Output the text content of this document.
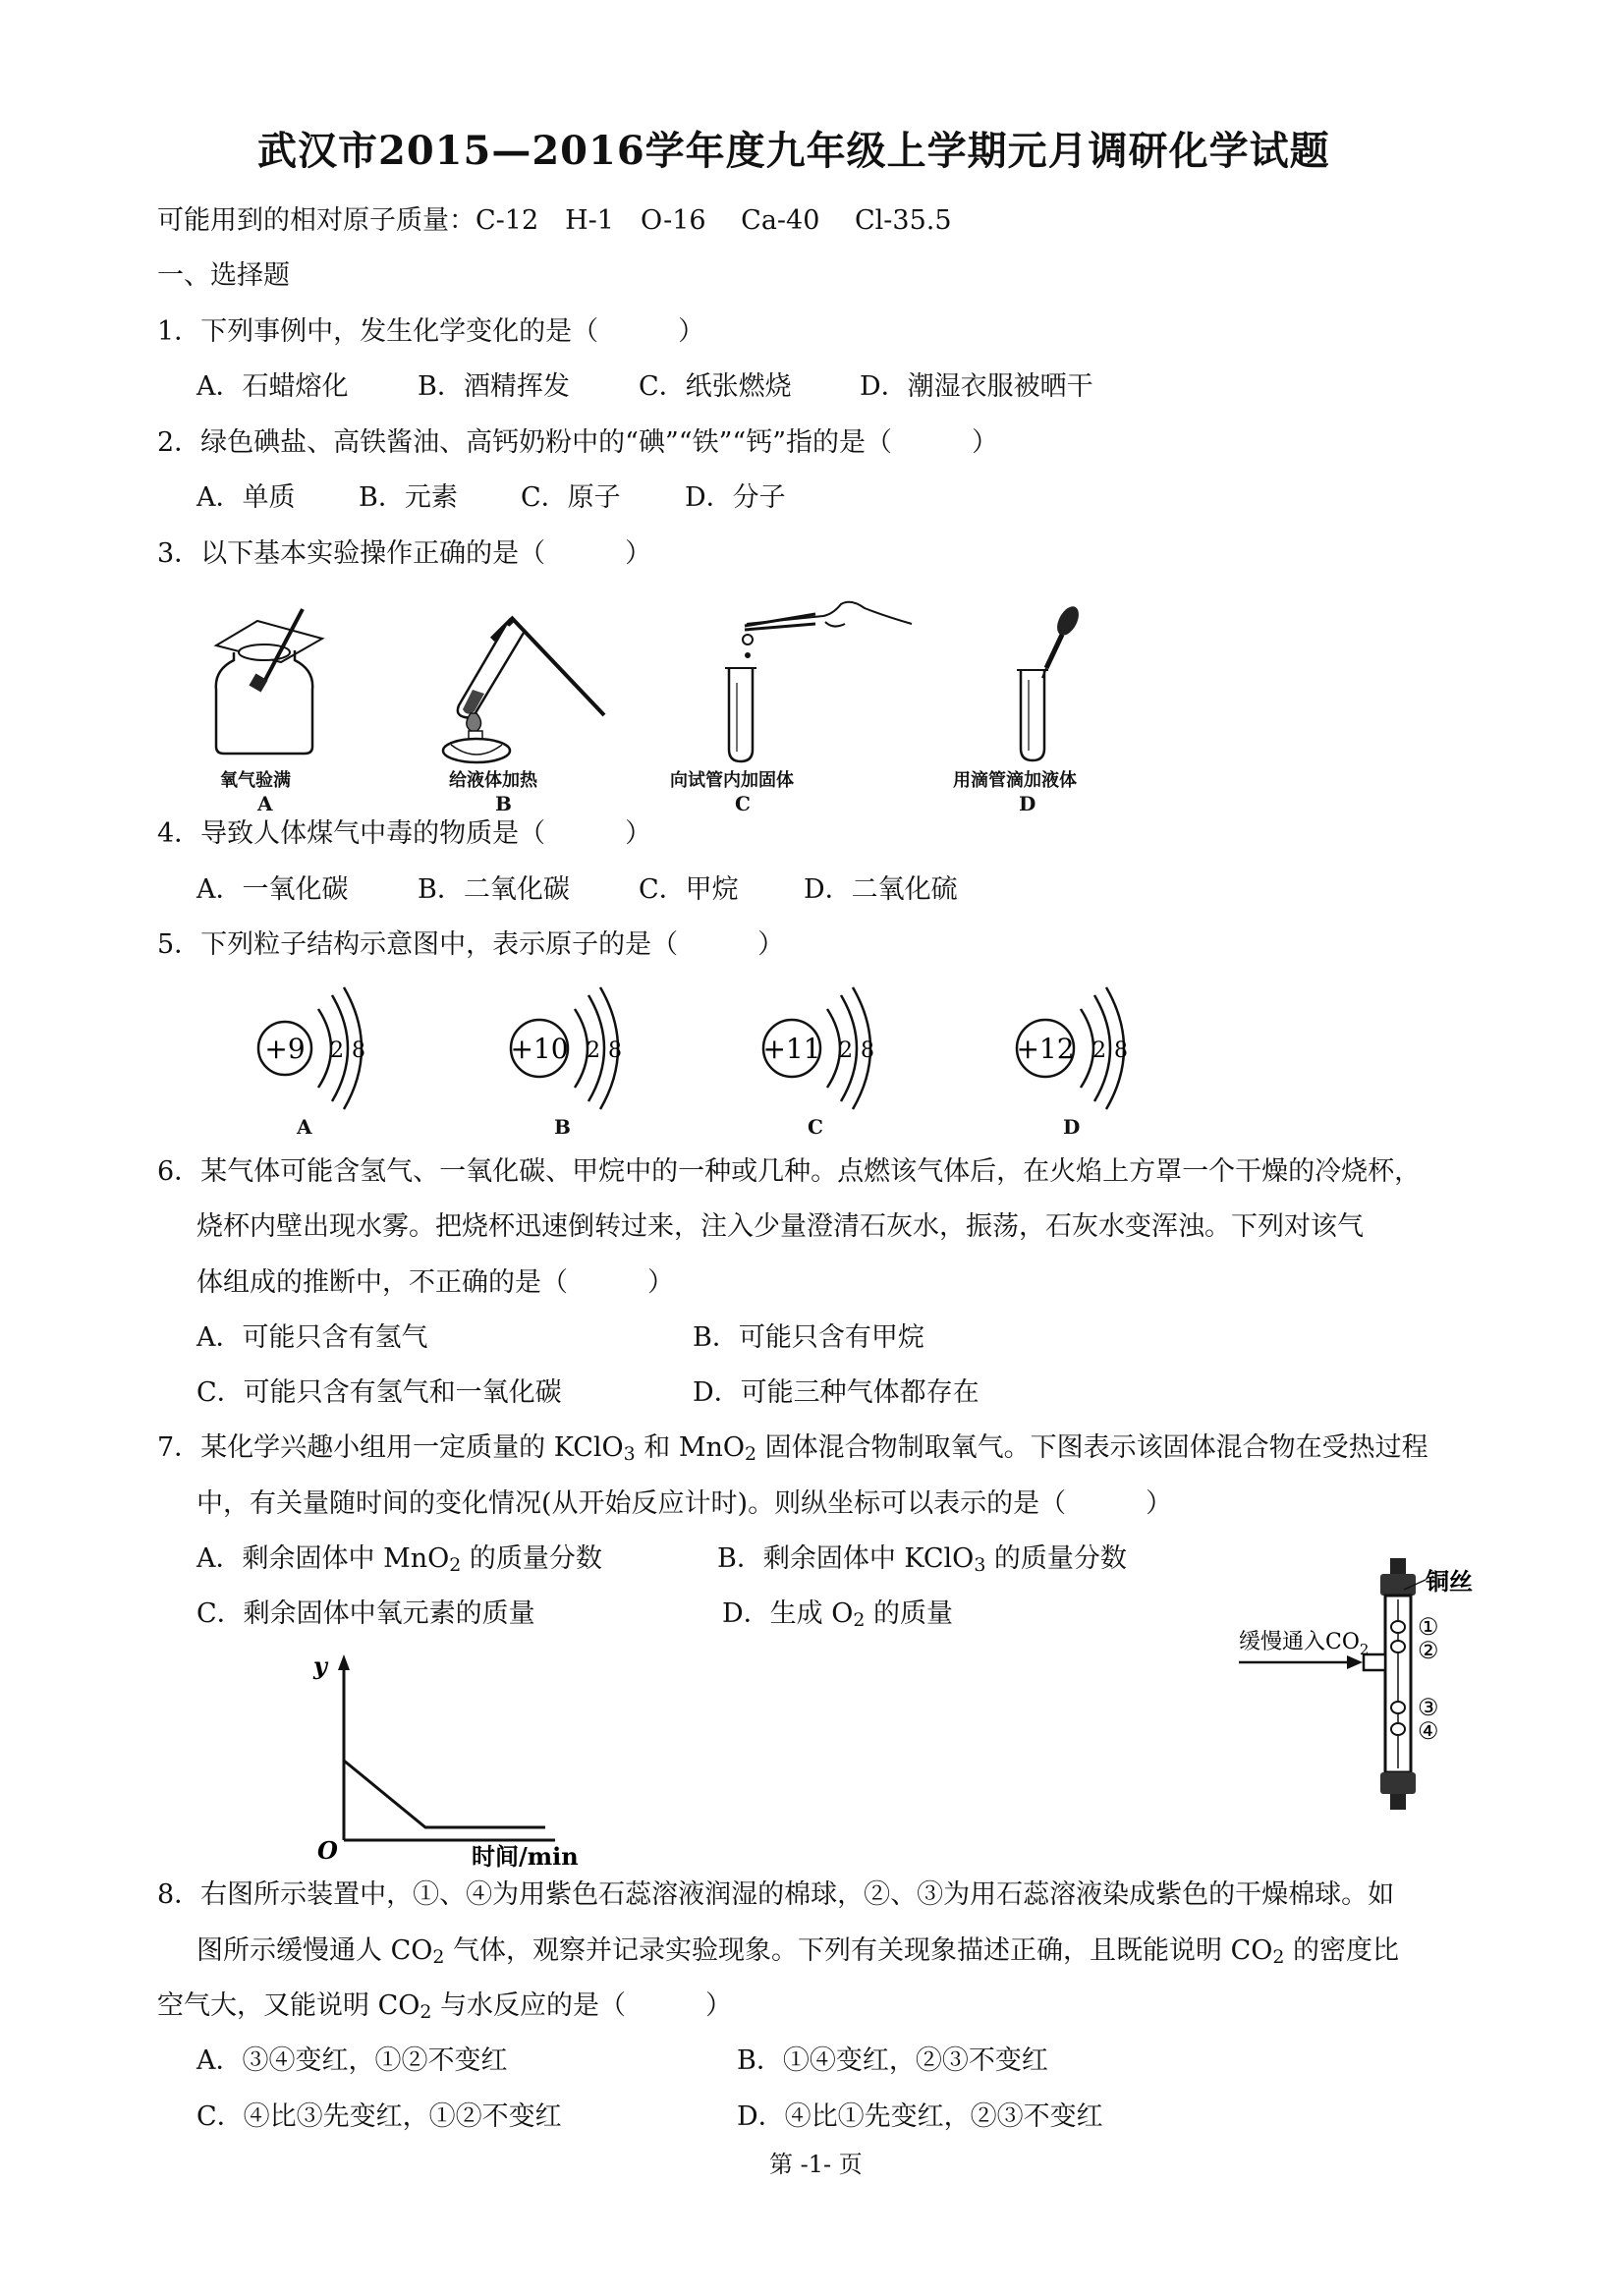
武汉市2015—2016学年度九年级上学期元月调研化学试题
可能用到的相对原子质量：C-12　H-1　O-16　 Ca-40　 Cl-35.5
一、选择题
1．下列事例中，发生化学变化的是（　　　）
A．石蜡熔化	B．酒精挥发	C．纸张燃烧	D．潮湿衣服被晒干
2．绿色碘盐、高铁酱油、高钙奶粉中的“碘”“铁”“钙”指的是（　　　）
A．单质 B．元素 C．原子 D．分子
3．以下基本实验操作正确的是（　　　）
氧气验满
A
给液体加热
B
向试管内加固体
C
用滴管滴加液体
D
4．导致人体煤气中毒的物质是（　　　）
A．一氧化碳	B．二氧化碳	C．甲烷 D．二氧化硫
5．下列粒子结构示意图中，表示原子的是（　　　）
+9 2 8
A
+10 2 8
B
+11 2 8
C
+12 2 8
D
6．某气体可能含氢气、一氧化碳、甲烷中的一种或几种。点燃该气体后，在火焰上方罩一个干燥的冷烧杯，
烧杯内壁出现水雾。把烧杯迅速倒转过来，注入少量澄清石灰水，振荡，石灰水变浑浊。下列对该气
体组成的推断中，不正确的是（　　　）
A．可能只含有氢气	B．可能只含有甲烷
C．可能只含有氢气和一氧化碳	D．可能三种气体都存在
7．某化学兴趣小组用一定质量的 KClO$_3$ 和 MnO$_2$ 固体混合物制取氧气。下图表示该固体混合物在受热过程
中，有关量随时间的变化情况(从开始反应计时)。则纵坐标可以表示的是（　　　）
A．剩余固体中 MnO$_2$ 的质量分数	B．剩余固体中 KClO$_3$ 的质量分数
C．剩余固体中氧元素的质量	D．生成 $O_2$ 的质量
y
O	时间/min
铜丝
缓慢通入$CO_2$
①
②
③
④
8．右图所示装置中，①、④为用紫色石蕊溶液润湿的棉球，②、③为用石蕊溶液染成紫色的干燥棉球。如
图所示缓慢通人 $CO_2$ 气体，观察并记录实验现象。下列有关现象描述正确，且既能说明 $CO_2$ 的密度比
空气大，又能说明 $CO_2$ 与水反应的是（　　　）
A．③④变红，①②不变红	B．①④变红，②③不变红
C．④比③先变红，①②不变红	D．④比①先变红，②③不变红
第 -1- 页
